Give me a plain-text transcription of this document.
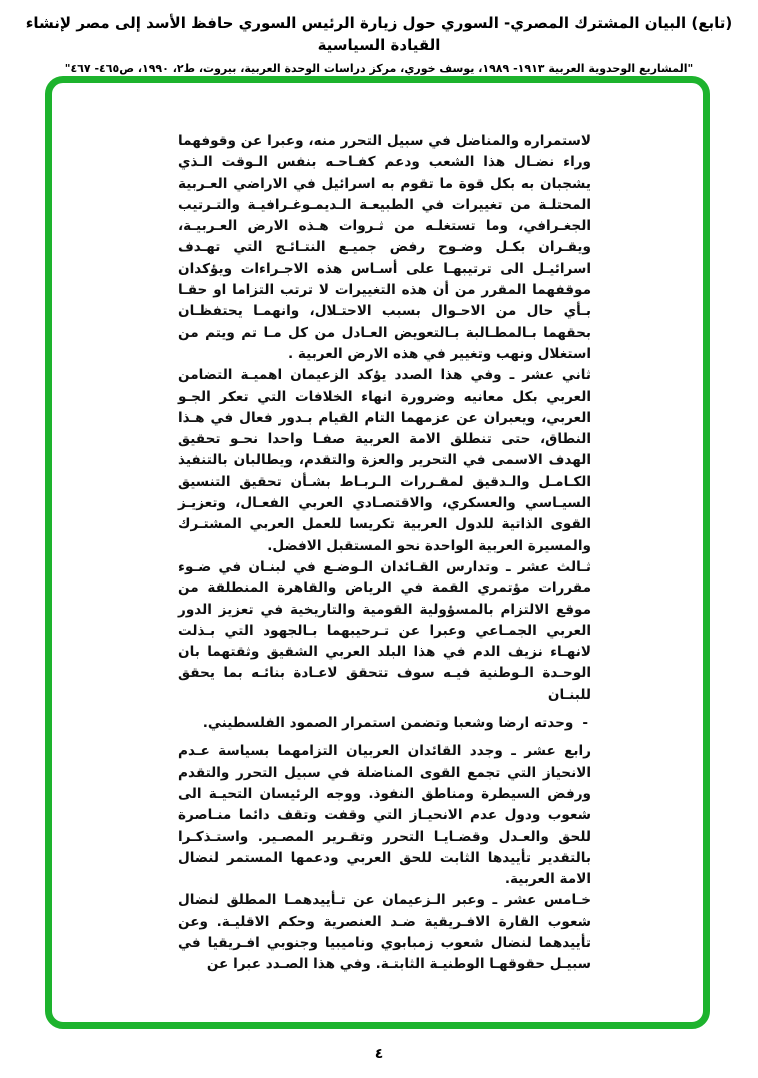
(تابع) البيان المشترك المصري- السوري حول زيارة الرئيس السوري حافظ الأسد إلى مصر لإنشاء القيادة السياسية
"المشاريع الوحدوية العربية ١٩١٣- ١٩٨٩، يوسف خوري، مركز دراسات الوحدة العربية، بيروت، ط٢، ١٩٩٠، ص٤٦٥- ٤٦٧"

لاستمراره والمناضل في سبيل التحرر منه، وعبرا عن وقوفهما وراء نضـال هذا الشعب ودعم كفـاحـه بنفس الـوقت الـذي يشجبان به بكل قوة ما تقوم به اسرائيل في الاراضي العـربية المحتلـة من تغييرات في الطبيعـة الـديمـوغـرافيـة والتـرتيب الجغـرافي، وما تستغلـه من ثـروات هـذه الارض العـربيـة، ويقـران بكـل وضـوح رفض جميـع النتـائـج التي تهـدف اسرائيـل الى ترتيبهـا على أسـاس هذه الاجـراءات ويؤكدان موقفهما المقرر من أن هذه التغييرات لا ترتب التزاما او حقـا بـأي حال من الاحـوال بسبب الاحتـلال، وانهمـا يحتفظـان بحقهما بـالمطـالبة بـالتعويض العـادل من كل مـا تم ويتم من استغلال ونهب وتغيير في هذه الارض العربية .

ثاني عشر ـ وفي هذا الصدد يؤكد الزعيمان اهميـة التضامن العربي بكل معانيه وضرورة انهاء الخلافات التي تعكر الجـو العربي، ويعبران عن عزمهما التام القيام بـدور فعال في هـذا النطاق، حتى تنطلق الامة العربية صفـا واحدا نحـو تحقيق الهدف الاسمى في التحرير والعزة والتقدم، ويطالبان بالتنفيذ الكـامـل والـدقيق لمقـررات الـربـاط بشـأن تحقيق التنسيق السيـاسي والعسكري، والاقتصـادي العربي الفعـال، وتعزيـز القوى الذاتية للدول العربية تكريسا للعمل العربي المشتـرك والمسيرة العربية الواحدة نحو المستقبل الافضل.

ثـالث عشر ـ وتدارس القـائدان الـوضـع في لبنـان في ضـوء مقررات مؤتمري القمة في الرياض والقاهرة المنطلقة من موقع الالتزام بالمسؤولية القومية والتاريخية في تعزيز الدور العربي الجمـاعي وعبرا عن تـرحيبهما بـالجهود التي بـذلت لانهـاء نزيف الدم في هذا البلد العربي الشقيق وثقتهما بان الوحـدة الـوطنية فيـه سوف تتحقق لاعـادة بنائـه بما يحقق للبنـان

-
وحدته ارضا وشعبا وتضمن استمرار الصمود الفلسطيني.

رابع عشر ـ وجدد القائدان العربيان التزامهما بسياسة عـدم الانحياز التي تجمع القوى المناضلة في سبيل التحرر والتقدم ورفض السيطرة ومناطق النفوذ. ووجه الرئيسان التحيـة الى شعوب ودول عدم الانحيـاز التي وقفت وتقف دائما منـاصرة للحق والعـدل وقضـايـا التحرر وتقـرير المصـير. واستـذكـرا بالتقدير تأييدها الثابت للحق العربي ودعمها المستمر لنضال الامة العربية.

خـامس عشر ـ وعبر الـزعيمان عن تـأييدهمـا المطلق لنضال شعوب القارة الافـريقية ضـد العنصرية وحكم الاقليـة. وعن تأييدهما لنضال شعوب زمبابوي وناميبيا وجنوبي افـريقيا في سبيـل حقوقهـا الوطنيـة الثابتـة. وفي هذا الصـدد عبرا عن

٤
